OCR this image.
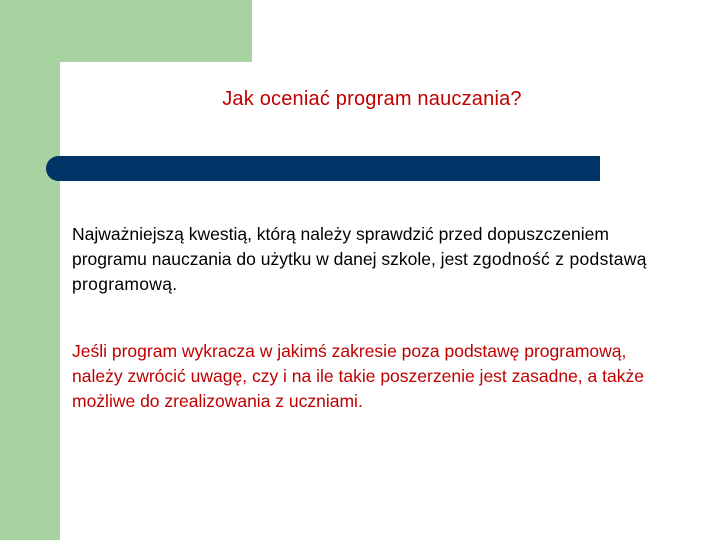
Jak oceniać program nauczania?

Najważniejszą kwestią, którą należy sprawdzić przed dopuszczeniem programu nauczania do użytku w danej szkole, jest zgodność z podstawą programową.

Jeśli program wykracza w jakimś zakresie poza podstawę programową, należy zwrócić uwagę, czy i na ile takie poszerzenie jest zasadne, a także możliwe do zrealizowania z uczniami.
